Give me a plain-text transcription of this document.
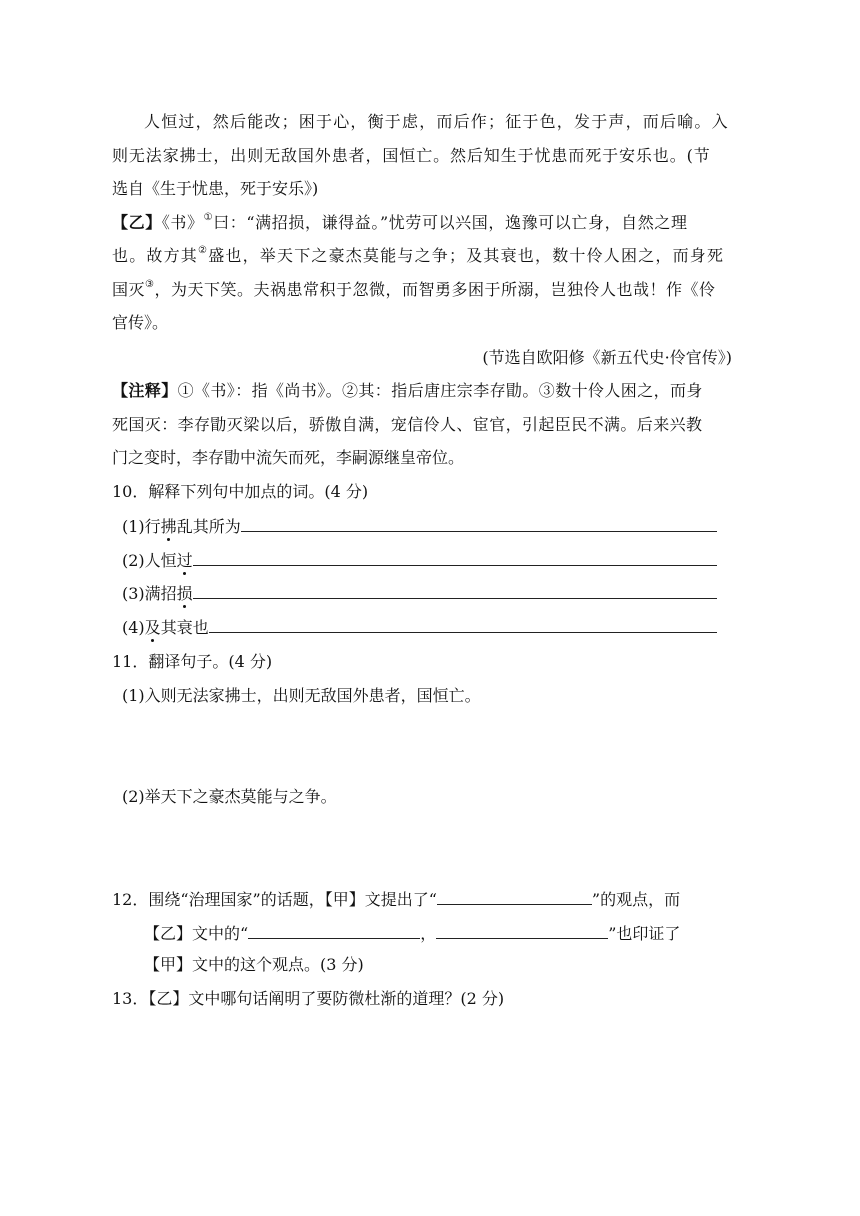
人恒过，然后能改；困于心，衡于虑，而后作；征于色，发于声，而后喻。入
则无法家拂士，出则无敌国外患者，国恒亡。然后知生于忧患而死于安乐也。(节
选自《生于忧患，死于安乐》)
【乙】《书》①曰：“满招损，谦得益。”忧劳可以兴国，逸豫可以亡身，自然之理
也。故方其②盛也，举天下之豪杰莫能与之争；及其衰也，数十伶人困之，而身死
国灭③，为天下笑。夫祸患常积于忽微，而智勇多困于所溺，岂独伶人也哉！作《伶
官传》。
(节选自欧阳修《新五代史·伶官传》)
【注释】①《书》：指《尚书》。②其：指后唐庄宗李存勖。③数十伶人困之，而身
死国灭：李存勖灭梁以后，骄傲自满，宠信伶人、宦官，引起臣民不满。后来兴教
门之变时，李存勖中流矢而死，李嗣源继皇帝位。
10．解释下列句中加点的词。(4 分)
(1)行拂乱其所为
(2)人恒过
(3)满招损
(4)及其衰也
11．翻译句子。(4 分)
(1)入则无法家拂士，出则无敌国外患者，国恒亡。
(2)举天下之豪杰莫能与之争。
12．围绕“治理国家”的话题，【甲】文提出了“	”的观点，而
【乙】文中的“	，	”也印证了
【甲】文中的这个观点。(3 分)
13．【乙】文中哪句话阐明了要防微杜渐的道理？(2 分)
